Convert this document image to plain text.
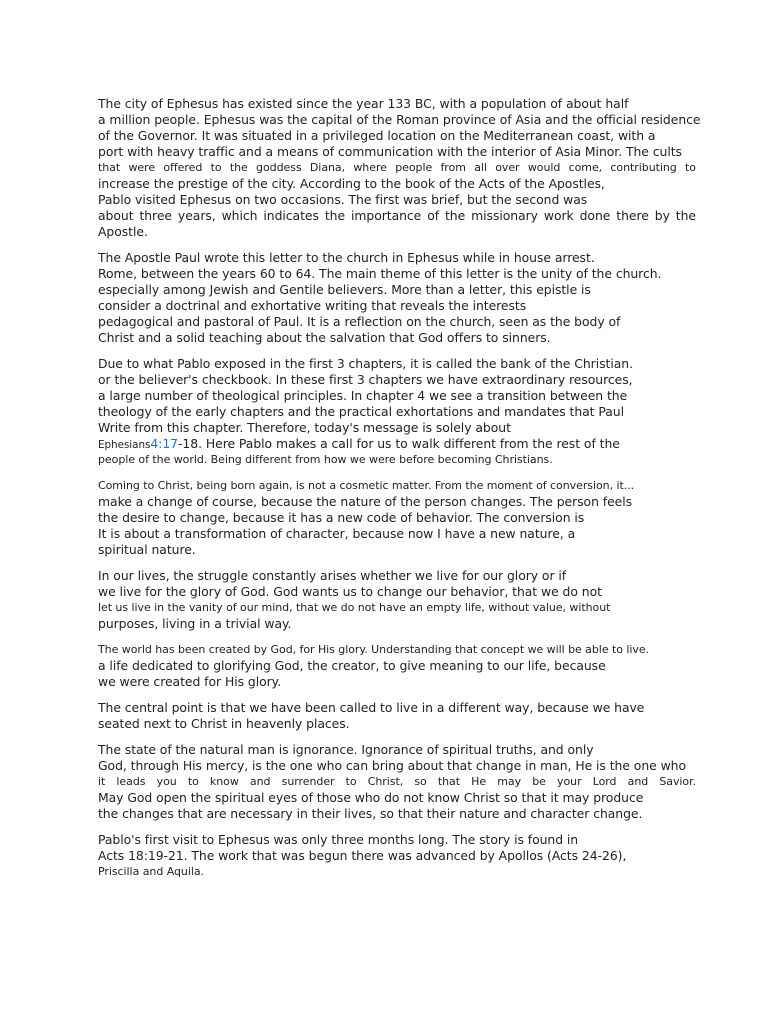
The city of Ephesus has existed since the year 133 BC, with a population of about half
a million people. Ephesus was the capital of the Roman province of Asia and the official residence
of the Governor. It was situated in a privileged location on the Mediterranean coast, with a
port with heavy traffic and a means of communication with the interior of Asia Minor. The cults
that were offered to the goddess Diana, where people from all over would come, contributing to
increase the prestige of the city. According to the book of the Acts of the Apostles,
Pablo visited Ephesus on two occasions. The first was brief, but the second was
about three years, which indicates the importance of the missionary work done there by the
Apostle.
The Apostle Paul wrote this letter to the church in Ephesus while in house arrest.
Rome, between the years 60 to 64. The main theme of this letter is the unity of the church.
especially among Jewish and Gentile believers. More than a letter, this epistle is
consider a doctrinal and exhortative writing that reveals the interests
pedagogical and pastoral of Paul. It is a reflection on the church, seen as the body of
Christ and a solid teaching about the salvation that God offers to sinners.
Due to what Pablo exposed in the first 3 chapters, it is called the bank of the Christian.
or the believer's checkbook. In these first 3 chapters we have extraordinary resources,
a large number of theological principles. In chapter 4 we see a transition between the
theology of the early chapters and the practical exhortations and mandates that Paul
Write from this chapter. Therefore, today's message is solely about
Ephesians4:17-18. Here Pablo makes a call for us to walk different from the rest of the
people of the world. Being different from how we were before becoming Christians.
Coming to Christ, being born again, is not a cosmetic matter. From the moment of conversion, it...
make a change of course, because the nature of the person changes. The person feels
the desire to change, because it has a new code of behavior. The conversion is
It is about a transformation of character, because now I have a new nature, a
spiritual nature.
In our lives, the struggle constantly arises whether we live for our glory or if
we live for the glory of God. God wants us to change our behavior, that we do not
let us live in the vanity of our mind, that we do not have an empty life, without value, without
purposes, living in a trivial way.
The world has been created by God, for His glory. Understanding that concept we will be able to live.
a life dedicated to glorifying God, the creator, to give meaning to our life, because
we were created for His glory.
The central point is that we have been called to live in a different way, because we have
seated next to Christ in heavenly places.
The state of the natural man is ignorance. Ignorance of spiritual truths, and only
God, through His mercy, is the one who can bring about that change in man, He is the one who
it leads you to know and surrender to Christ, so that He may be your Lord and Savior.
May God open the spiritual eyes of those who do not know Christ so that it may produce
the changes that are necessary in their lives, so that their nature and character change.
Pablo's first visit to Ephesus was only three months long. The story is found in
Acts 18:19-21. The work that was begun there was advanced by Apollos (Acts 24-26),
Priscilla and Aquila.
